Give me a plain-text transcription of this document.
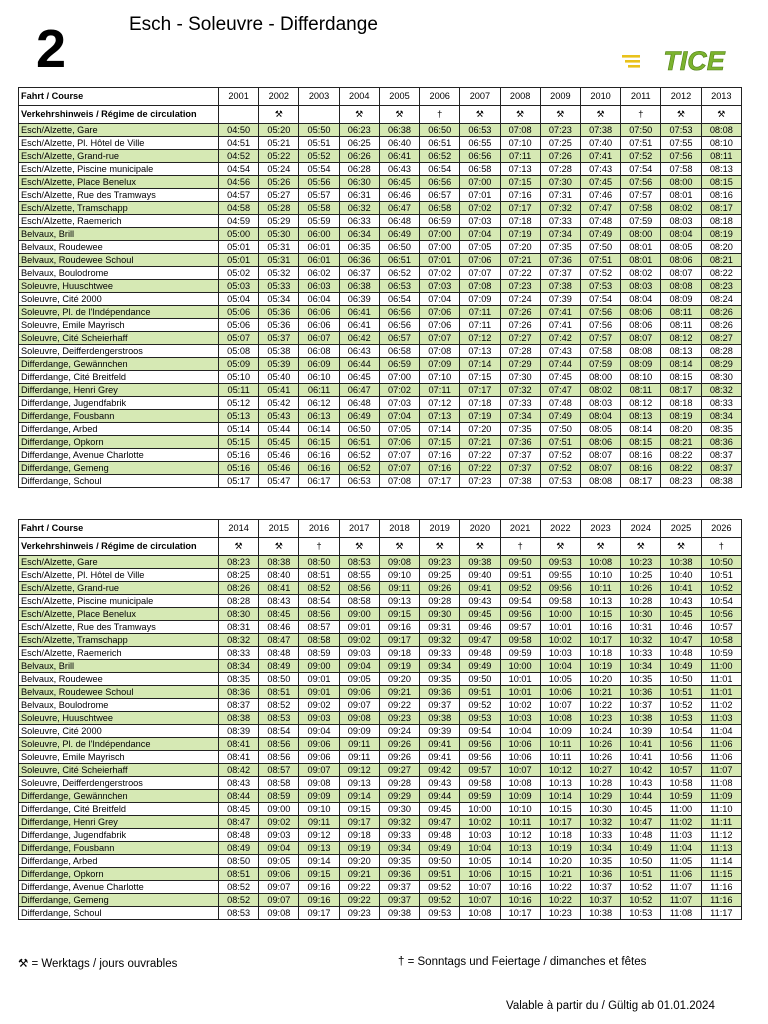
2	Esch - Soleuvre - Differdange
TICE
Fahrt / Course	2001	2002	2003	2004	2005	2006	2007	2008	2009	2010	2011	2012	2013
Verkehrshinweis / Régime de circulation		⚒		⚒	⚒	†	⚒	⚒	⚒	⚒	†	⚒	⚒
Esch/Alzette, Gare	04:50	05:20	05:50	06:23	06:38	06:50	06:53	07:08	07:23	07:38	07:50	07:53	08:08
Esch/Alzette, Pl. Hôtel de Ville	04:51	05:21	05:51	06:25	06:40	06:51	06:55	07:10	07:25	07:40	07:51	07:55	08:10
Esch/Alzette, Grand-rue	04:52	05:22	05:52	06:26	06:41	06:52	06:56	07:11	07:26	07:41	07:52	07:56	08:11
Esch/Alzette, Piscine municipale	04:54	05:24	05:54	06:28	06:43	06:54	06:58	07:13	07:28	07:43	07:54	07:58	08:13
Esch/Alzette, Place Benelux	04:56	05:26	05:56	06:30	06:45	06:56	07:00	07:15	07:30	07:45	07:56	08:00	08:15
Esch/Alzette, Rue des Tramways	04:57	05:27	05:57	06:31	06:46	06:57	07:01	07:16	07:31	07:46	07:57	08:01	08:16
Esch/Alzette, Tramschapp	04:58	05:28	05:58	06:32	06:47	06:58	07:02	07:17	07:32	07:47	07:58	08:02	08:17
Esch/Alzette, Raemerich	04:59	05:29	05:59	06:33	06:48	06:59	07:03	07:18	07:33	07:48	07:59	08:03	08:18
Belvaux, Brill	05:00	05:30	06:00	06:34	06:49	07:00	07:04	07:19	07:34	07:49	08:00	08:04	08:19
Belvaux, Roudewee	05:01	05:31	06:01	06:35	06:50	07:00	07:05	07:20	07:35	07:50	08:01	08:05	08:20
Belvaux, Roudewee Schoul	05:01	05:31	06:01	06:36	06:51	07:01	07:06	07:21	07:36	07:51	08:01	08:06	08:21
Belvaux, Boulodrome	05:02	05:32	06:02	06:37	06:52	07:02	07:07	07:22	07:37	07:52	08:02	08:07	08:22
Soleuvre, Huuschtwee	05:03	05:33	06:03	06:38	06:53	07:03	07:08	07:23	07:38	07:53	08:03	08:08	08:23
Soleuvre, Cité 2000	05:04	05:34	06:04	06:39	06:54	07:04	07:09	07:24	07:39	07:54	08:04	08:09	08:24
Soleuvre, Pl. de l'Indépendance	05:06	05:36	06:06	06:41	06:56	07:06	07:11	07:26	07:41	07:56	08:06	08:11	08:26
Soleuvre, Emile Mayrisch	05:06	05:36	06:06	06:41	06:56	07:06	07:11	07:26	07:41	07:56	08:06	08:11	08:26
Soleuvre, Cité Scheierhaff	05:07	05:37	06:07	06:42	06:57	07:07	07:12	07:27	07:42	07:57	08:07	08:12	08:27
Soleuvre, Deifferdengerstroos	05:08	05:38	06:08	06:43	06:58	07:08	07:13	07:28	07:43	07:58	08:08	08:13	08:28
Differdange, Gewännchen	05:09	05:39	06:09	06:44	06:59	07:09	07:14	07:29	07:44	07:59	08:09	08:14	08:29
Differdange, Cité Breitfeld	05:10	05:40	06:10	06:45	07:00	07:10	07:15	07:30	07:45	08:00	08:10	08:15	08:30
Differdange, Henri Grey	05:11	05:41	06:11	06:47	07:02	07:11	07:17	07:32	07:47	08:02	08:11	08:17	08:32
Differdange, Jugendfabrik	05:12	05:42	06:12	06:48	07:03	07:12	07:18	07:33	07:48	08:03	08:12	08:18	08:33
Differdange, Fousbann	05:13	05:43	06:13	06:49	07:04	07:13	07:19	07:34	07:49	08:04	08:13	08:19	08:34
Differdange, Arbed	05:14	05:44	06:14	06:50	07:05	07:14	07:20	07:35	07:50	08:05	08:14	08:20	08:35
Differdange, Opkorn	05:15	05:45	06:15	06:51	07:06	07:15	07:21	07:36	07:51	08:06	08:15	08:21	08:36
Differdange, Avenue Charlotte	05:16	05:46	06:16	06:52	07:07	07:16	07:22	07:37	07:52	08:07	08:16	08:22	08:37
Differdange, Gemeng	05:16	05:46	06:16	06:52	07:07	07:16	07:22	07:37	07:52	08:07	08:16	08:22	08:37
Differdange, Schoul	05:17	05:47	06:17	06:53	07:08	07:17	07:23	07:38	07:53	08:08	08:17	08:23	08:38
Fahrt / Course	2014	2015	2016	2017	2018	2019	2020	2021	2022	2023	2024	2025	2026
Verkehrshinweis / Régime de circulation	⚒	⚒	†	⚒	⚒	⚒	⚒	†	⚒	⚒	⚒	⚒	†
Esch/Alzette, Gare	08:23	08:38	08:50	08:53	09:08	09:23	09:38	09:50	09:53	10:08	10:23	10:38	10:50
Esch/Alzette, Pl. Hôtel de Ville	08:25	08:40	08:51	08:55	09:10	09:25	09:40	09:51	09:55	10:10	10:25	10:40	10:51
Esch/Alzette, Grand-rue	08:26	08:41	08:52	08:56	09:11	09:26	09:41	09:52	09:56	10:11	10:26	10:41	10:52
Esch/Alzette, Piscine municipale	08:28	08:43	08:54	08:58	09:13	09:28	09:43	09:54	09:58	10:13	10:28	10:43	10:54
Esch/Alzette, Place Benelux	08:30	08:45	08:56	09:00	09:15	09:30	09:45	09:56	10:00	10:15	10:30	10:45	10:56
Esch/Alzette, Rue des Tramways	08:31	08:46	08:57	09:01	09:16	09:31	09:46	09:57	10:01	10:16	10:31	10:46	10:57
Esch/Alzette, Tramschapp	08:32	08:47	08:58	09:02	09:17	09:32	09:47	09:58	10:02	10:17	10:32	10:47	10:58
Esch/Alzette, Raemerich	08:33	08:48	08:59	09:03	09:18	09:33	09:48	09:59	10:03	10:18	10:33	10:48	10:59
Belvaux, Brill	08:34	08:49	09:00	09:04	09:19	09:34	09:49	10:00	10:04	10:19	10:34	10:49	11:00
Belvaux, Roudewee	08:35	08:50	09:01	09:05	09:20	09:35	09:50	10:01	10:05	10:20	10:35	10:50	11:01
Belvaux, Roudewee Schoul	08:36	08:51	09:01	09:06	09:21	09:36	09:51	10:01	10:06	10:21	10:36	10:51	11:01
Belvaux, Boulodrome	08:37	08:52	09:02	09:07	09:22	09:37	09:52	10:02	10:07	10:22	10:37	10:52	11:02
Soleuvre, Huuschtwee	08:38	08:53	09:03	09:08	09:23	09:38	09:53	10:03	10:08	10:23	10:38	10:53	11:03
Soleuvre, Cité 2000	08:39	08:54	09:04	09:09	09:24	09:39	09:54	10:04	10:09	10:24	10:39	10:54	11:04
Soleuvre, Pl. de l'Indépendance	08:41	08:56	09:06	09:11	09:26	09:41	09:56	10:06	10:11	10:26	10:41	10:56	11:06
Soleuvre, Emile Mayrisch	08:41	08:56	09:06	09:11	09:26	09:41	09:56	10:06	10:11	10:26	10:41	10:56	11:06
Soleuvre, Cité Scheierhaff	08:42	08:57	09:07	09:12	09:27	09:42	09:57	10:07	10:12	10:27	10:42	10:57	11:07
Soleuvre, Deifferdengerstroos	08:43	08:58	09:08	09:13	09:28	09:43	09:58	10:08	10:13	10:28	10:43	10:58	11:08
Differdange, Gewännchen	08:44	08:59	09:09	09:14	09:29	09:44	09:59	10:09	10:14	10:29	10:44	10:59	11:09
Differdange, Cité Breitfeld	08:45	09:00	09:10	09:15	09:30	09:45	10:00	10:10	10:15	10:30	10:45	11:00	11:10
Differdange, Henri Grey	08:47	09:02	09:11	09:17	09:32	09:47	10:02	10:11	10:17	10:32	10:47	11:02	11:11
Differdange, Jugendfabrik	08:48	09:03	09:12	09:18	09:33	09:48	10:03	10:12	10:18	10:33	10:48	11:03	11:12
Differdange, Fousbann	08:49	09:04	09:13	09:19	09:34	09:49	10:04	10:13	10:19	10:34	10:49	11:04	11:13
Differdange, Arbed	08:50	09:05	09:14	09:20	09:35	09:50	10:05	10:14	10:20	10:35	10:50	11:05	11:14
Differdange, Opkorn	08:51	09:06	09:15	09:21	09:36	09:51	10:06	10:15	10:21	10:36	10:51	11:06	11:15
Differdange, Avenue Charlotte	08:52	09:07	09:16	09:22	09:37	09:52	10:07	10:16	10:22	10:37	10:52	11:07	11:16
Differdange, Gemeng	08:52	09:07	09:16	09:22	09:37	09:52	10:07	10:16	10:22	10:37	10:52	11:07	11:16
Differdange, Schoul	08:53	09:08	09:17	09:23	09:38	09:53	10:08	10:17	10:23	10:38	10:53	11:08	11:17
⚒ = Werktags / jours ouvrables	† = Sonntags und Feiertage / dimanches et fêtes
Valable à partir du / Gültig ab 01.01.2024
